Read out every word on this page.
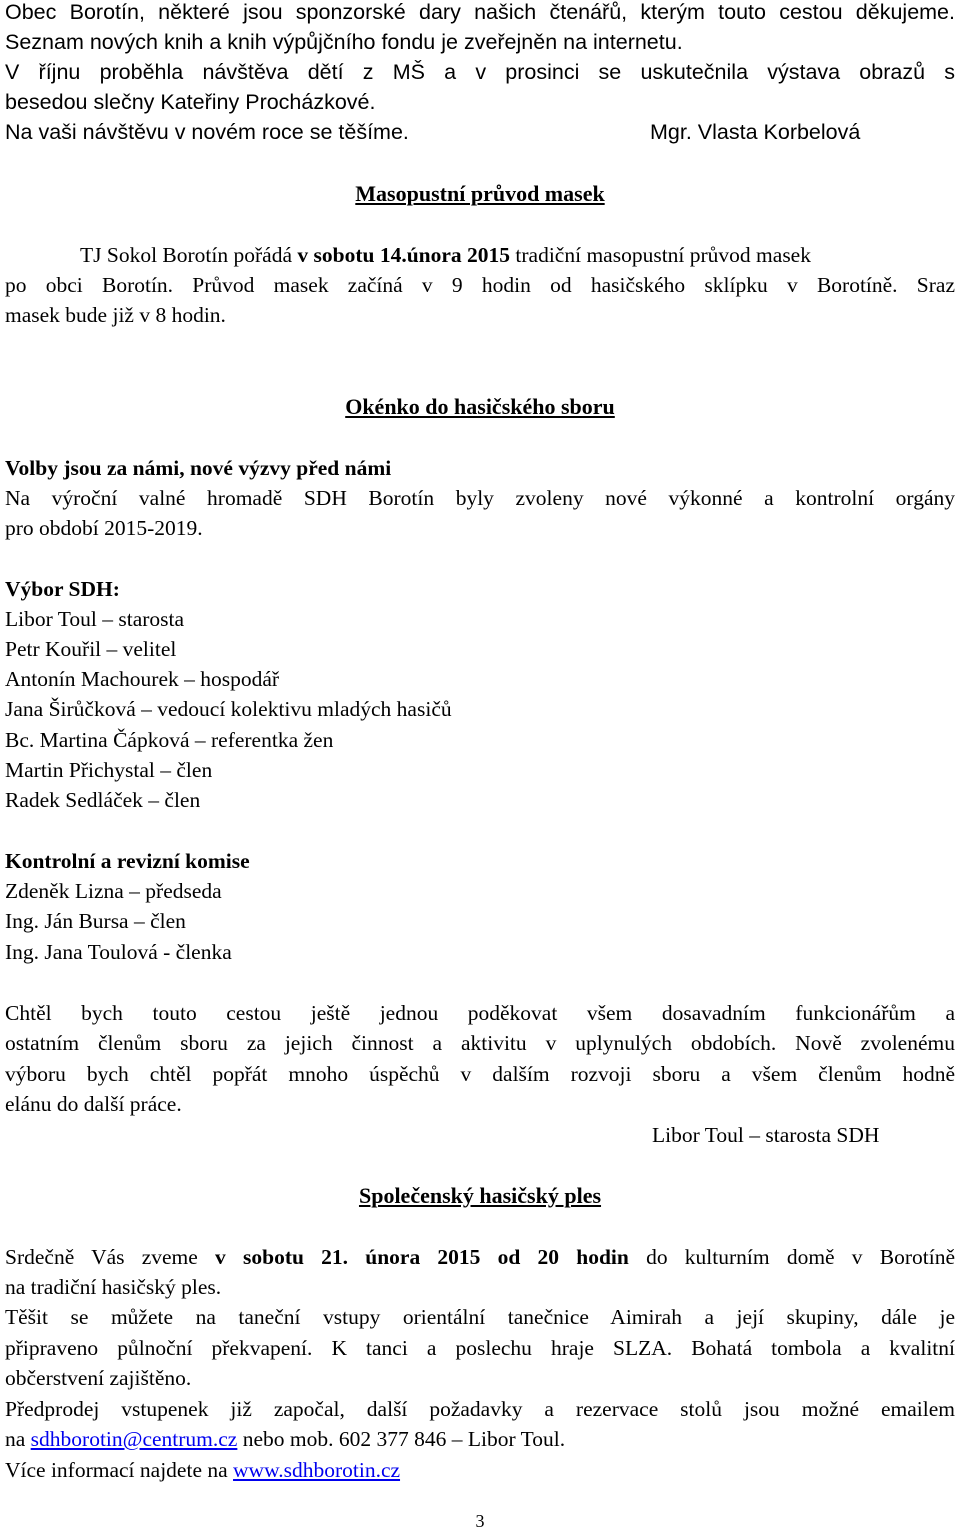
Obec Borotín, některé jsou sponzorské dary našich čtenářů, kterým touto cestou děkujeme.
Seznam nových knih a knih výpůjčního fondu je zveřejněn na internetu.
V říjnu proběhla návštěva dětí z MŠ a v prosinci se uskutečnila výstava obrazů s
besedou slečny Kateřiny Procházkové.
Na vaši návštěvu v novém roce se těšíme.	Mgr. Vlasta Korbelová
Masopustní průvod masek
TJ Sokol Borotín pořádá v sobotu 14.února 2015 tradiční masopustní průvod masek
po obci Borotín. Průvod masek začíná v 9 hodin od hasičského sklípku v Borotíně. Sraz
masek bude již v 8 hodin.
Okénko do hasičského sboru
Volby jsou za námi, nové výzvy před námi
Na výroční valné hromadě SDH Borotín byly zvoleny nové výkonné a kontrolní orgány
pro období 2015-2019.
Výbor SDH:
Libor Toul – starosta
Petr Kouřil – velitel
Antonín Machourek – hospodář
Jana Širůčková – vedoucí kolektivu mladých hasičů
Bc. Martina Čápková – referentka žen
Martin Přichystal – člen
Radek Sedláček – člen
Kontrolní a revizní komise
Zdeněk Lizna – předseda
Ing. Ján Bursa – člen
Ing. Jana Toulová - členka
Chtěl bych touto cestou ještě jednou poděkovat všem dosavadním funkcionářům a
ostatním členům sboru za jejich činnost a aktivitu v uplynulých obdobích. Nově zvolenému
výboru bych chtěl popřát mnoho úspěchů v dalším rozvoji sboru a všem členům hodně
elánu do další práce.
Libor Toul – starosta SDH
Společenský hasičský ples
Srdečně Vás zveme v sobotu 21. února 2015 od 20 hodin do kulturním domě v Borotíně
na tradiční hasičský ples.
Těšit se můžete na taneční vstupy orientální tanečnice Aimirah a její skupiny, dále je
připraveno půlnoční překvapení. K tanci a poslechu hraje SLZA. Bohatá tombola a kvalitní
občerstvení zajištěno.
Předprodej vstupenek již započal, další požadavky a rezervace stolů jsou možné emailem
na sdhborotin@centrum.cz nebo mob. 602 377 846 – Libor Toul.
Více informací najdete na www.sdhborotin.cz
3
